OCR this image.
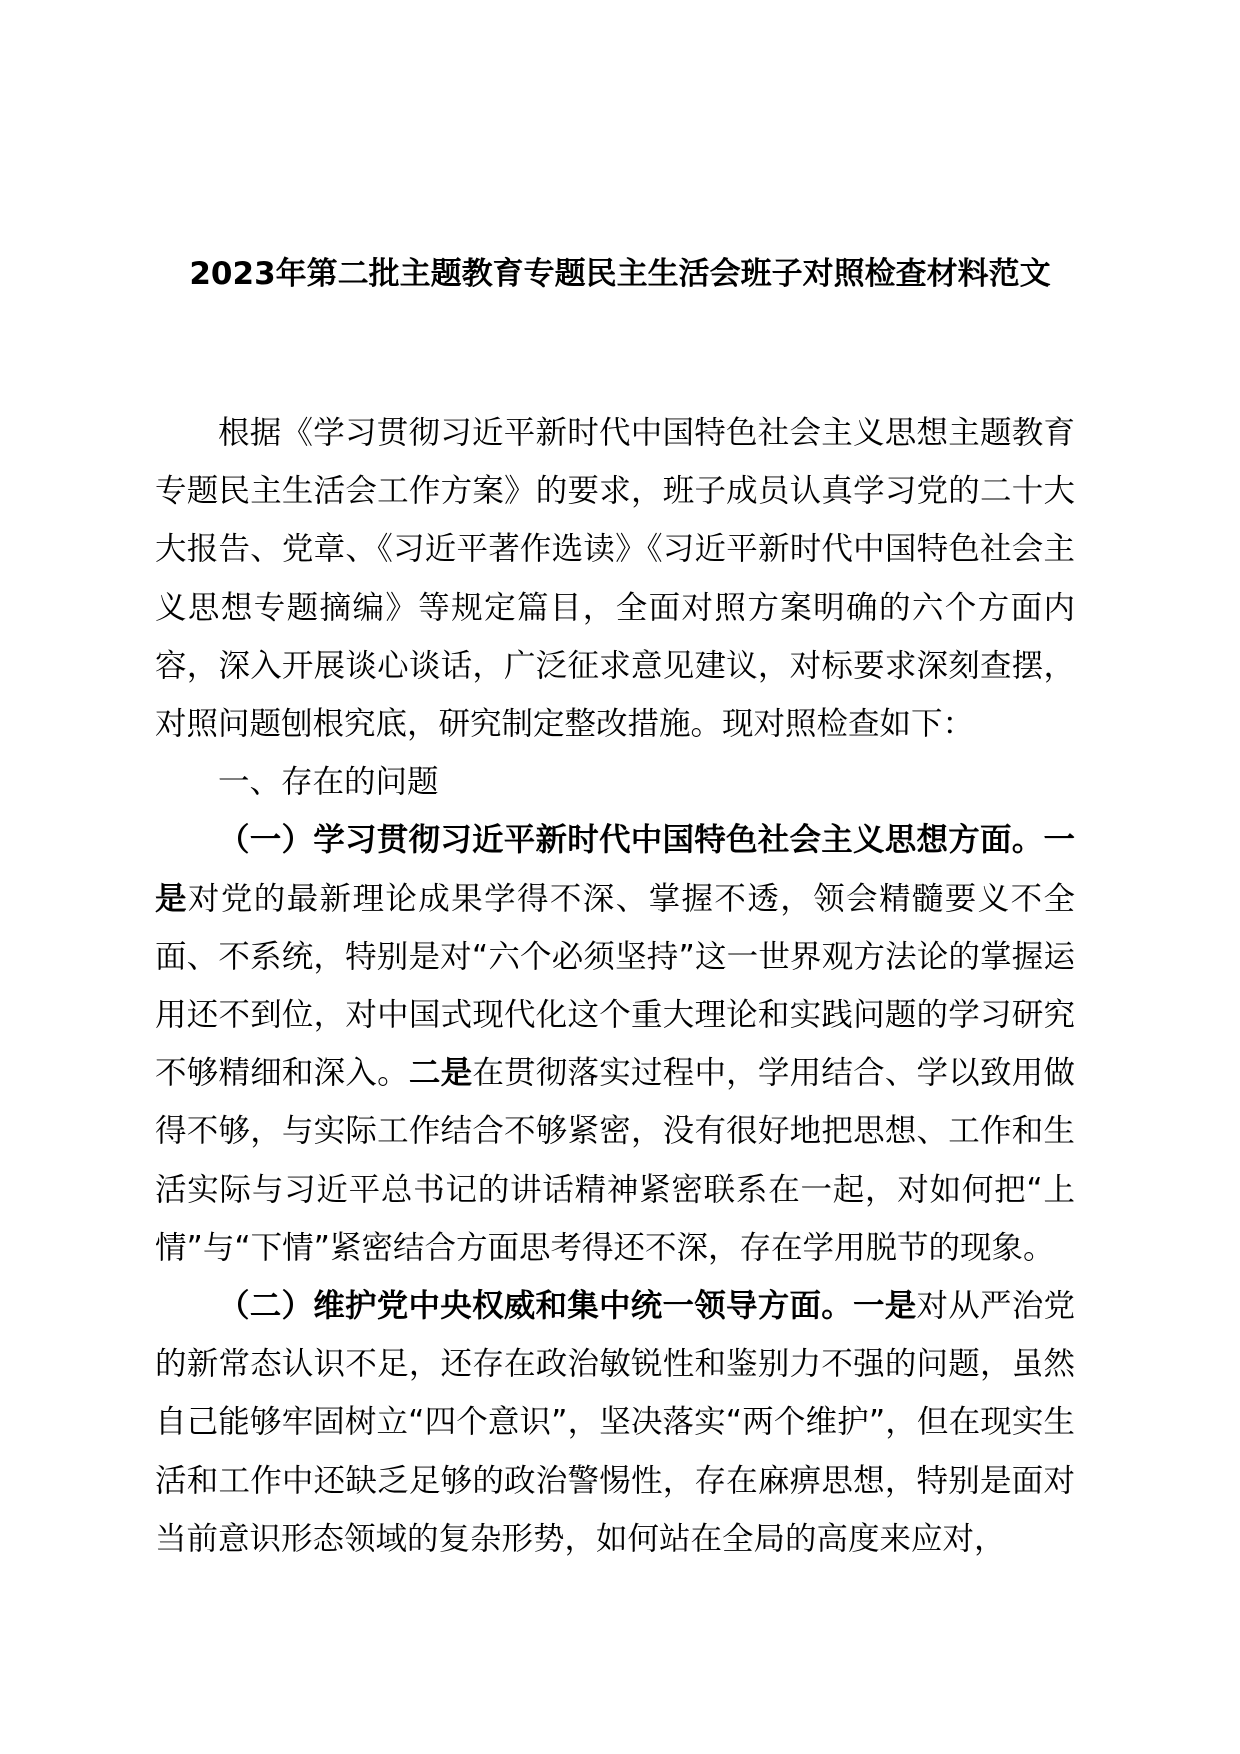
2023年第二批主题教育专题民主生活会班子对照检查材料范文

根据《学习贯彻习近平新时代中国特色社会主义思想主题教育专题民主生活会工作方案》的要求，班子成员认真学习党的二十大大报告、党章、《习近平著作选读》《习近平新时代中国特色社会主义思想专题摘编》等规定篇目，全面对照方案明确的六个方面内容，深入开展谈心谈话，广泛征求意见建议，对标要求深刻查摆，对照问题刨根究底，研究制定整改措施。现对照检查如下：

一、存在的问题

（一）学习贯彻习近平新时代中国特色社会主义思想方面。一是对党的最新理论成果学得不深、掌握不透，领会精髓要义不全面、不系统，特别是对“六个必须坚持”这一世界观方法论的掌握运用还不到位，对中国式现代化这个重大理论和实践问题的学习研究不够精细和深入。二是在贯彻落实过程中，学用结合、学以致用做得不够，与实际工作结合不够紧密，没有很好地把思想、工作和生活实际与习近平总书记的讲话精神紧密联系在一起，对如何把“上情”与“下情”紧密结合方面思考得还不深，存在学用脱节的现象。

（二）维护党中央权威和集中统一领导方面。一是对从严治党的新常态认识不足，还存在政治敏锐性和鉴别力不强的问题，虽然自己能够牢固树立“四个意识”，坚决落实“两个维护”，但在现实生活和工作中还缺乏足够的政治警惕性，存在麻痹思想，特别是面对当前意识形态领域的复杂形势，如何站在全局的高度来应对，
